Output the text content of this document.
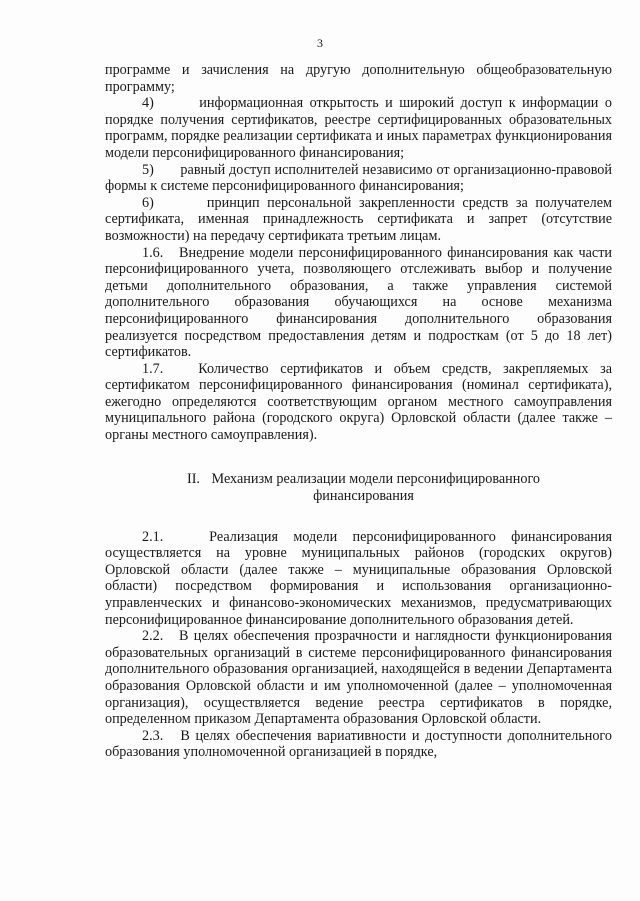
3

программе и зачисления на другую дополнительную общеобразовательную программу;

4)       информационная открытость и широкий доступ к информации о порядке получения сертификатов, реестре сертифицированных образовательных программ, порядке реализации сертификата и иных параметрах функционирования модели персонифицированного финансирования;

5)       равный доступ исполнителей независимо от организационно-правовой формы к системе персонифицированного финансирования;

6)       принцип персональной закрепленности средств за получателем сертификата, именная принадлежность сертификата и запрет (отсутствие возможности) на передачу сертификата третьим лицам.

1.6.   Внедрение модели персонифицированного финансирования как части персонифицированного учета, позволяющего отслеживать выбор и получение детьми дополнительного образования, а также управления системой дополнительного образования обучающихся на основе механизма персонифицированного финансирования дополнительного образования реализуется посредством предоставления детям и подросткам (от 5 до 18 лет) сертификатов.

1.7.   Количество сертификатов и объем средств, закрепляемых за сертификатом персонифицированного финансирования (номинал сертификата), ежегодно определяются соответствующим органом местного самоуправления муниципального района (городского округа) Орловской области (далее также – органы местного самоуправления).

II. Механизм реализации модели персонифицированного финансирования

2.1.   Реализация модели персонифицированного финансирования осуществляется на уровне муниципальных районов (городских округов) Орловской области (далее также – муниципальные образования Орловской области) посредством формирования и использования организационно-управленческих и финансово-экономических механизмов, предусматривающих персонифицированное финансирование дополнительного образования детей.

2.2.   В целях обеспечения прозрачности и наглядности функционирования образовательных организаций в системе персонифицированного финансирования дополнительного образования организацией, находящейся в ведении Департамента образования Орловской области и им уполномоченной (далее – уполномоченная организация), осуществляется ведение реестра сертификатов в порядке, определенном приказом Департамента образования Орловской области.

2.3.   В целях обеспечения вариативности и доступности дополнительного образования уполномоченной организацией в порядке,
